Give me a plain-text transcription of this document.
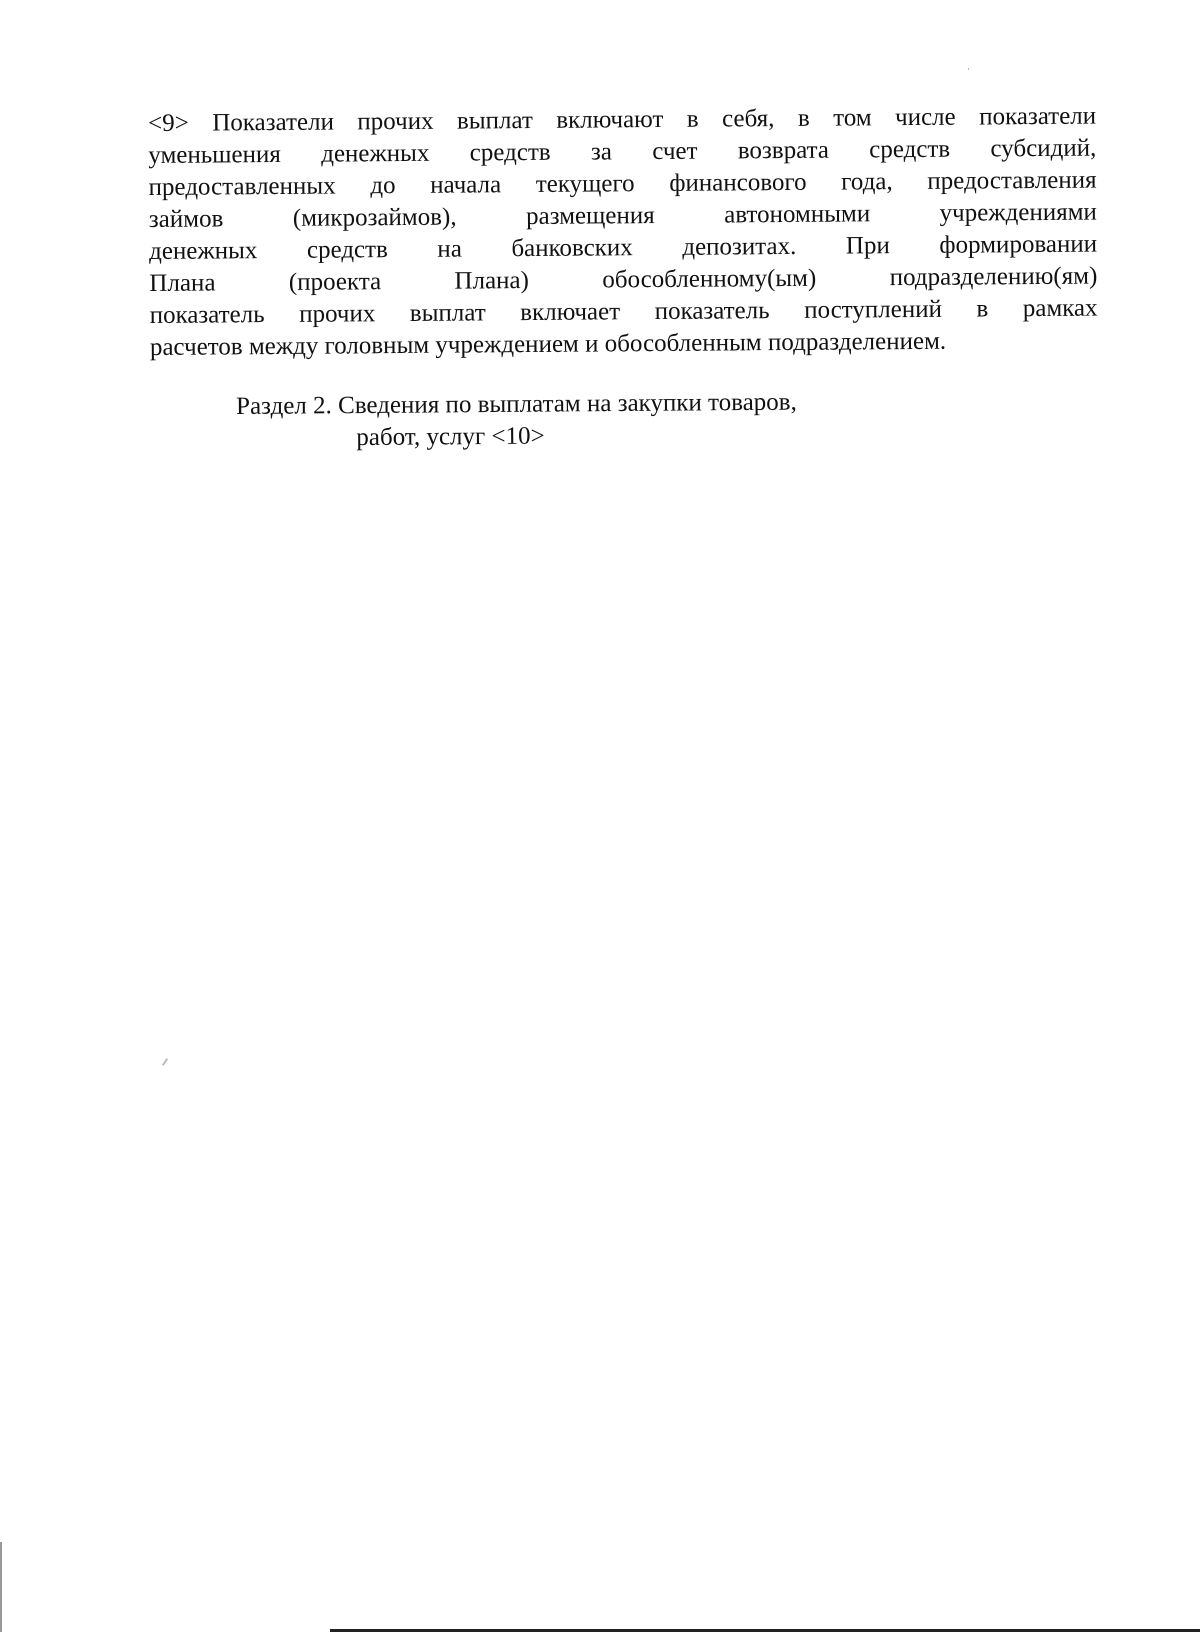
<9> Показатели прочих выплат включают в себя, в том числе показатели
уменьшения денежных средств за счет возврата средств субсидий,
предоставленных до начала текущего финансового года, предоставления
займов (микрозаймов), размещения автономными учреждениями
денежных средств на банковских депозитах. При формировании
Плана (проекта Плана) обособленному(ым) подразделению(ям)
показатель прочих выплат включает показатель поступлений в рамках
расчетов между головным учреждением и обособленным подразделением.
Раздел 2. Сведения по выплатам на закупки товаров,
работ, услуг <10>
